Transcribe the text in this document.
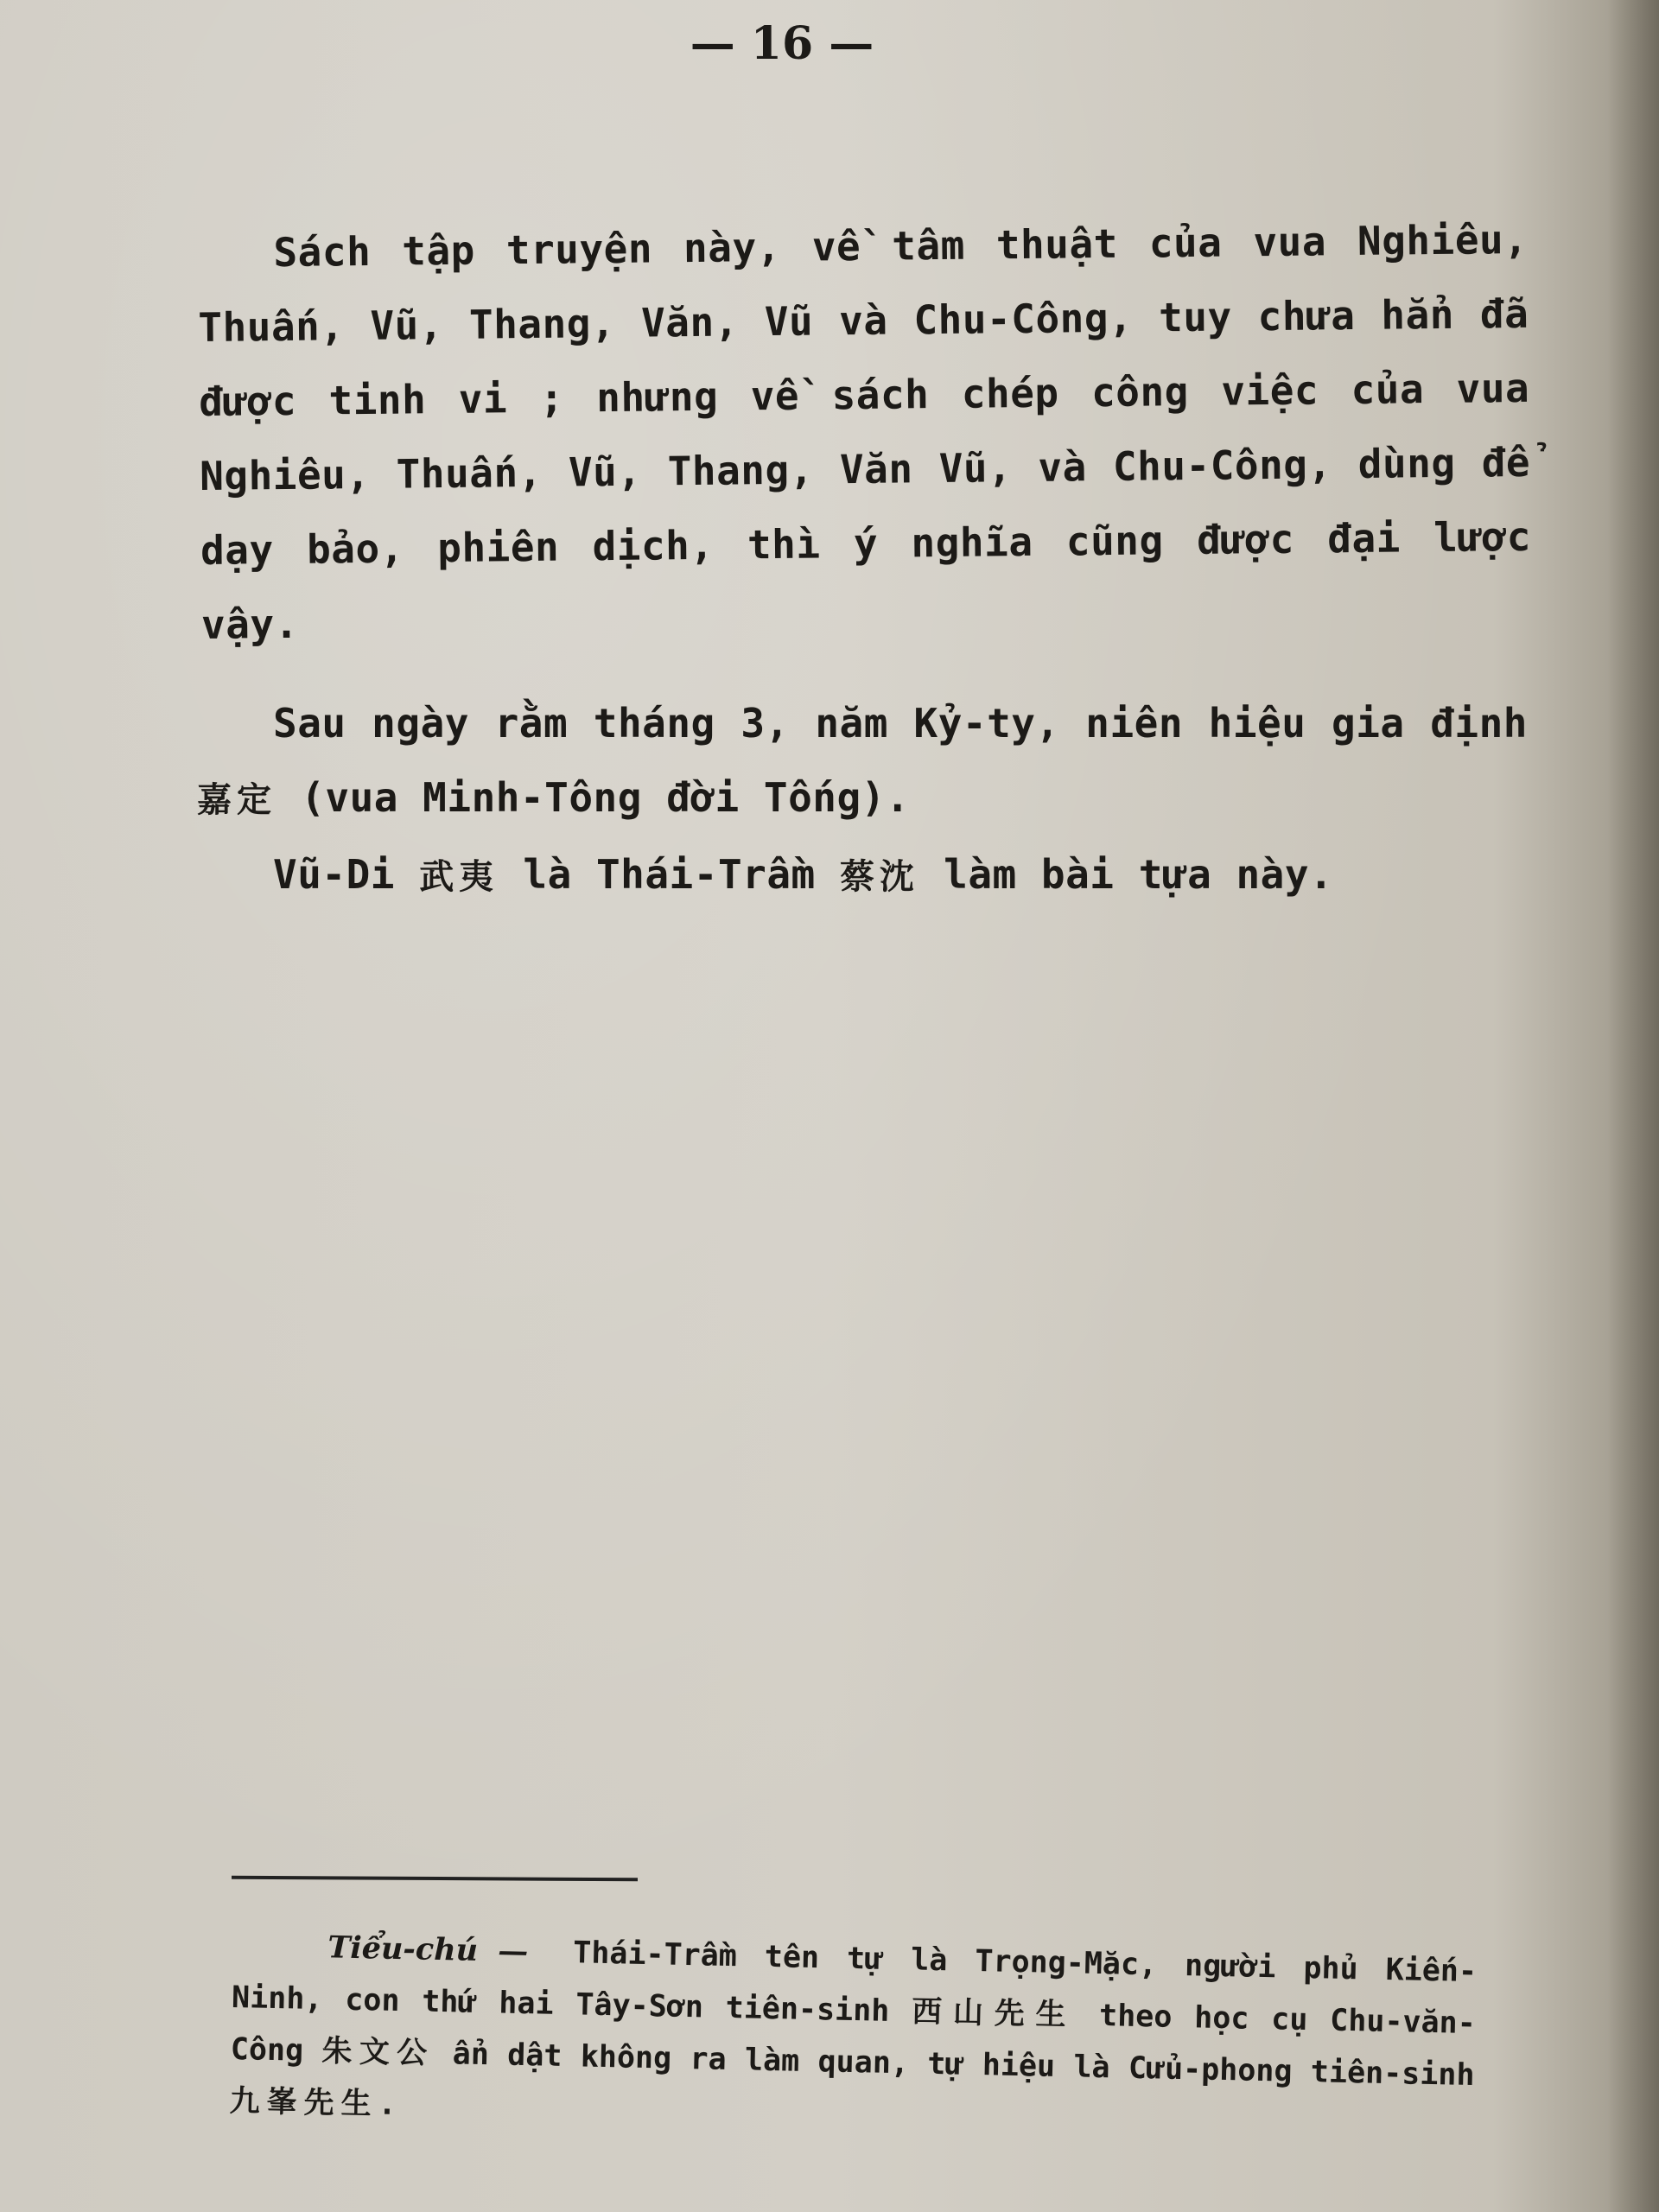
— 16 —

Sách tập truyện này, về tâm thuật của vua Nghiêu, Thuấn, Vũ, Thang, Văn, Vũ và Chu-Công, tuy chưa hẳn đã được tinh vi ; nhưng về sách chép công việc của vua Nghiêu, Thuấn, Vũ, Thang, Văn Vũ, và Chu-Công, dùng để dạy bảo, phiên dịch, thì ý nghĩa cũng được đại lược vậy.

Sau ngày rằm tháng 3, năm Kỷ-ty, niên hiệu gia định 嘉定 (vua Minh-Tông đời Tống).

Vũ-Di 武夷 là Thái-Trầm 蔡沈 làm bài tựa này.

Tiểu-chú — Thái-Trầm tên tự là Trọng-Mặc, người phủ Kiến-Ninh, con thứ hai Tây-Sơn tiên-sinh 西山先生 theo học cụ Chu-văn-Công 朱文公 ẩn dật không ra làm quan, tự hiệu là Cửu-phong tiên-sinh 九峯先生.
